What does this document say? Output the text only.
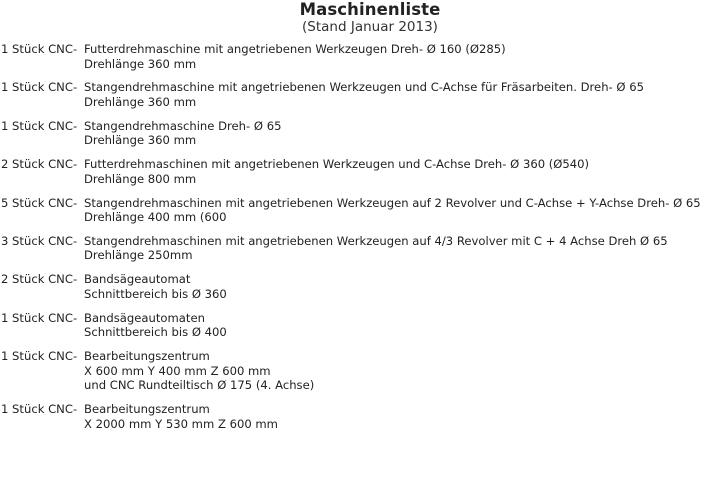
Maschinenliste
(Stand Januar 2013)
1 Stück CNC- Futterdrehmaschine mit angetriebenen Werkzeugen Dreh- Ø 160 (Ø285)
Drehlänge 360 mm
1 Stück CNC- Stangendrehmaschine mit angetriebenen Werkzeugen und C-Achse für Fräsarbeiten. Dreh- Ø 65
Drehlänge 360 mm
1 Stück CNC- Stangendrehmaschine Dreh- Ø 65
Drehlänge 360 mm
2 Stück CNC- Futterdrehmaschinen mit angetriebenen Werkzeugen und C-Achse Dreh- Ø 360 (Ø540)
Drehlänge 800 mm
5 Stück CNC- Stangendrehmaschinen mit angetriebenen Werkzeugen auf 2 Revolver und C-Achse + Y-Achse Dreh- Ø 65
Drehlänge 400 mm (600
3 Stück CNC- Stangendrehmaschinen mit angetriebenen Werkzeugen auf 4/3 Revolver mit C + 4 Achse Dreh Ø 65
Drehlänge 250mm
2 Stück CNC- Bandsägeautomat
Schnittbereich bis Ø 360
1 Stück CNC- Bandsägeautomaten
Schnittbereich bis Ø 400
1 Stück CNC- Bearbeitungszentrum
X 600 mm Y 400 mm Z 600 mm
und CNC Rundteiltisch Ø 175 (4. Achse)
1 Stück CNC- Bearbeitungszentrum
X 2000 mm Y 530 mm Z 600 mm
